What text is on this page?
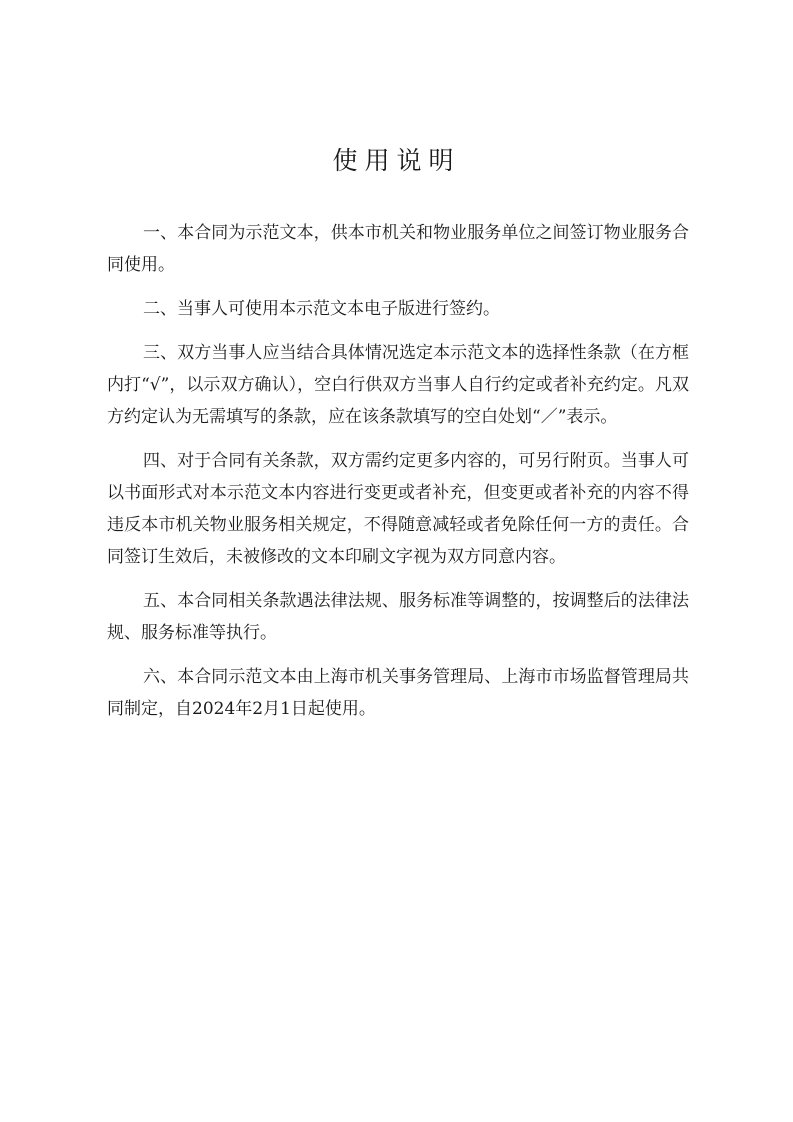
使用说明

一、本合同为示范文本，供本市机关和物业服务单位之间签订物业服务合同使用。

二、当事人可使用本示范文本电子版进行签约。

三、双方当事人应当结合具体情况选定本示范文本的选择性条款（在方框内打“√”，以示双方确认），空白行供双方当事人自行约定或者补充约定。凡双方约定认为无需填写的条款，应在该条款填写的空白处划“／”表示。

四、对于合同有关条款，双方需约定更多内容的，可另行附页。当事人可以书面形式对本示范文本内容进行变更或者补充，但变更或者补充的内容不得违反本市机关物业服务相关规定，不得随意减轻或者免除任何一方的责任。合同签订生效后，未被修改的文本印刷文字视为双方同意内容。

五、本合同相关条款遇法律法规、服务标准等调整的，按调整后的法律法规、服务标准等执行。

六、本合同示范文本由上海市机关事务管理局、上海市市场监督管理局共同制定，自2024年2月1日起使用。
